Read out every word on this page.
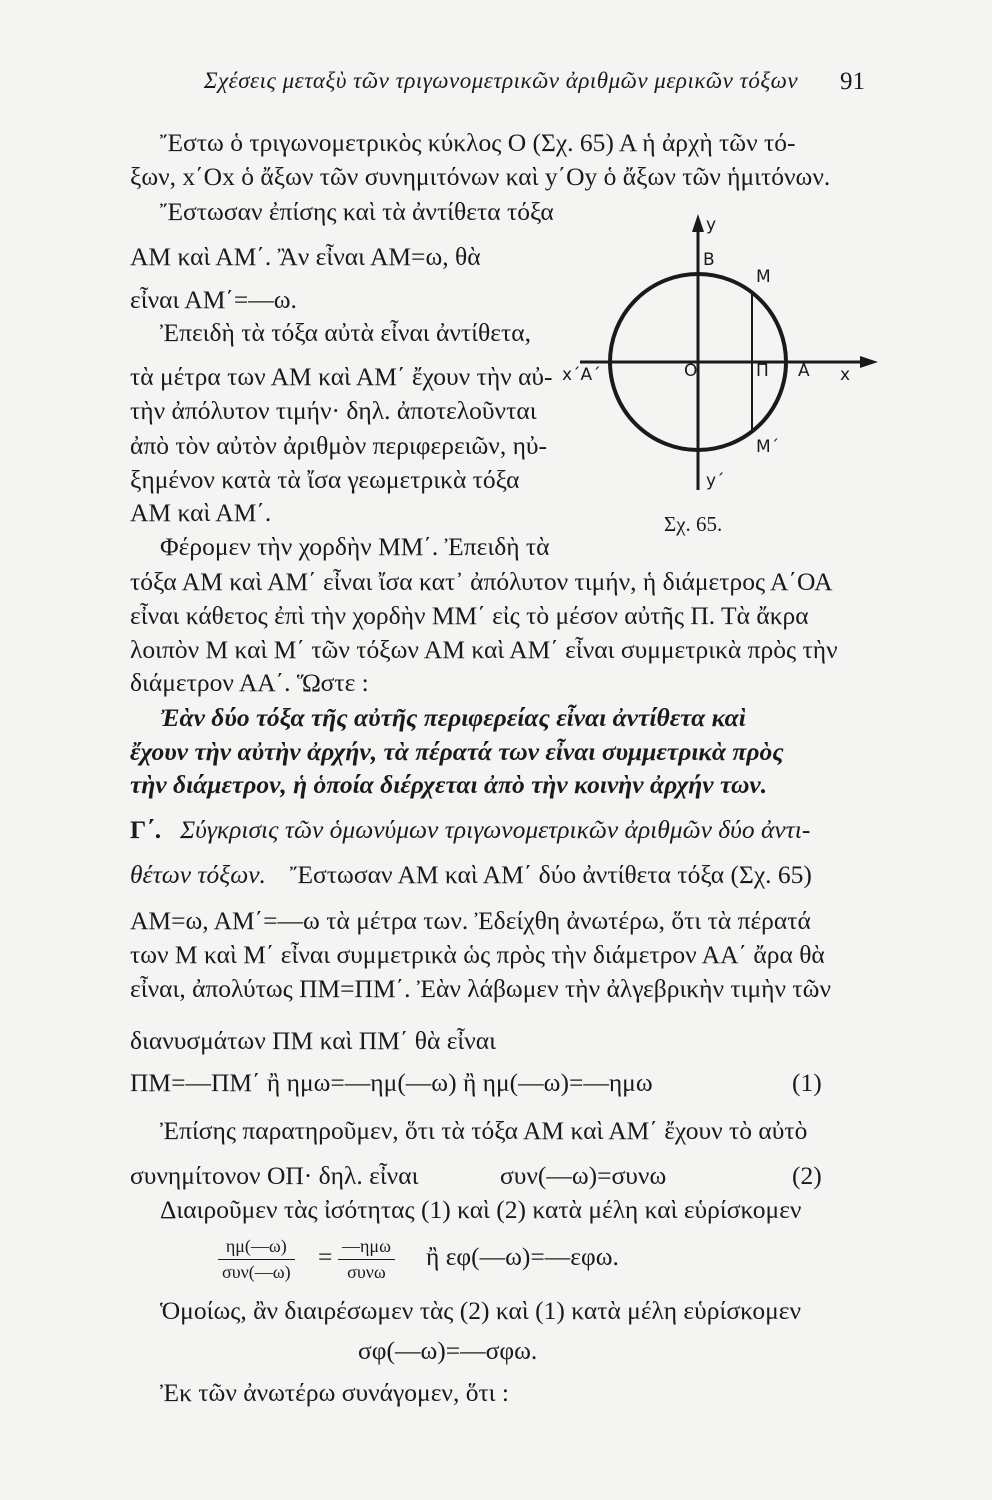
Σχέσεις μεταξὺ τῶν τριγωνομετρικῶν ἀριθμῶν μερικῶν τόξων	91
Ἔστω ὁ τριγωνομετρικὸς κύκλος Ο (Σχ. 65) Α ἡ ἀρχὴ τῶν τό-
ξων, x΄Ox ὁ ἄξων τῶν συνημιτόνων καὶ y΄Oy ὁ ἄξων τῶν ἡμιτόνων.
Ἔστωσαν ἐπίσης καὶ τὰ ἀντίθετα τόξα
ΑΜ καὶ ΑΜ΄. Ἂν εἶναι ΑΜ=ω, θὰ
εἶναι ΑΜ΄=—ω.
Ἐπειδὴ τὰ τόξα αὐτὰ εἶναι ἀντίθετα,
τὰ μέτρα των ΑΜ καὶ ΑΜ΄ ἔχουν τὴν αὐ-
τὴν ἀπόλυτον τιμήν· δηλ. ἀποτελοῦνται
ἀπὸ τὸν αὐτὸν ἀριθμὸν περιφερειῶν, ηὐ-
ξημένον κατὰ τὰ ἴσα γεωμετρικὰ τόξα
ΑΜ καὶ ΑΜ΄.
Φέρομεν τὴν χορδὴν ΜΜ΄. Ἐπειδὴ τὰ
y
B
M
x΄Α΄	O	Π A x
M΄
y΄
Σχ. 65.
τόξα ΑΜ καὶ ΑΜ΄ εἶναι ἴσα κατ᾿ ἀπόλυτον τιμήν, ἡ διάμετρος Α΄ΟΑ
εἶναι κάθετος ἐπὶ τὴν χορδὴν ΜΜ΄ εἰς τὸ μέσον αὐτῆς Π. Τὰ ἄκρα
λοιπὸν Μ καὶ Μ΄ τῶν τόξων ΑΜ καὶ ΑΜ΄ εἶναι συμμετρικὰ πρὸς τὴν
διάμετρον ΑΑ΄. Ὥστε :
Ἐὰν δύο τόξα τῆς αὐτῆς περιφερείας εἶναι ἀντίθετα καὶ
ἔχουν τὴν αὐτὴν ἀρχήν, τὰ πέρατά των εἶναι συμμετρικὰ πρὸς
τὴν διάμετρον, ἡ ὁποία διέρχεται ἀπὸ τὴν κοινὴν ἀρχήν των.
Γ΄. Σύγκρισις τῶν ὁμωνύμων τριγωνομετρικῶν ἀριθμῶν δύο ἀντι-
θέτων τόξων. Ἔστωσαν ΑΜ καὶ ΑΜ΄ δύο ἀντίθετα τόξα (Σχ. 65)
ΑΜ=ω, ΑΜ΄=—ω τὰ μέτρα των. Ἐδείχθη ἀνωτέρω, ὅτι τὰ πέρατά
των Μ καὶ Μ΄ εἶναι συμμετρικὰ ὡς πρὸς τὴν διάμετρον ΑΑ΄ ἄρα θὰ
εἶναι, ἀπολύτως ΠΜ=ΠΜ΄. Ἐὰν λάβωμεν τὴν ἀλγεβρικὴν τιμὴν τῶν
διανυσμάτων ΠΜ καὶ ΠΜ΄ θὰ εἶναι
ΠΜ=—ΠΜ΄ ἢ ημω=—ημ(—ω) ἢ ημ(—ω)=—ημω	(1)
Ἐπίσης παρατηροῦμεν, ὅτι τὰ τόξα ΑΜ καὶ ΑΜ΄ ἔχουν τὸ αὐτὸ
συνημίτονον ΟΠ· δηλ. εἶναι	συν(—ω)=συνω	(2)
Διαιροῦμεν τὰς ἰσότητας (1) καὶ (2) κατὰ μέλη καὶ εὑρίσκομεν
ημ(—ω)
συν(—ω)
= —ημω
συνω
ἢ εφ(—ω)=—εφω.
Ὁμοίως, ἂν διαιρέσωμεν τὰς (2) καὶ (1) κατὰ μέλη εὑρίσκομεν
σφ(—ω)=—σφω.
Ἐκ τῶν ἀνωτέρω συνάγομεν, ὅτι :
